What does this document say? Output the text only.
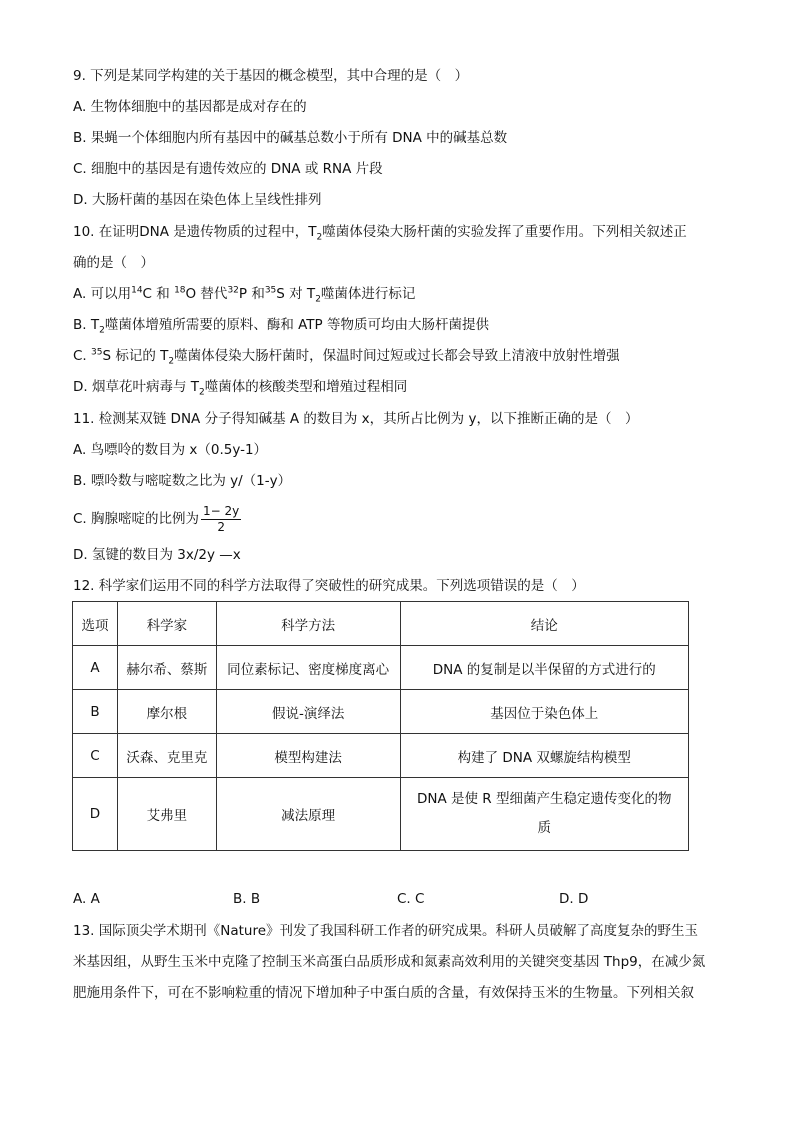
9. 下列是某同学构建的关于基因的概念模型，其中合理的是（　）
A. 生物体细胞中的基因都是成对存在的
B. 果蝇一个体细胞内所有基因中的碱基总数小于所有 DNA 中的碱基总数
C. 细胞中的基因是有遗传效应的 DNA 或 RNA 片段
D. 大肠杆菌的基因在染色体上呈线性排列
10. 在证明DNA 是遗传物质的过程中，$T_2$噬菌体侵染大肠杆菌的实验发挥了重要作用。下列相关叙述正
确的是（　）
A. 可以用$^{14}$C 和 $^{18}$O 替代$^{32}$P 和$^{35}$S 对 $T_2$噬菌体进行标记
B. $T_2$噬菌体增殖所需要的原料、酶和 ATP 等物质可均由大肠杆菌提供
C. $^{35}$S 标记的 $T_2$噬菌体侵染大肠杆菌时，保温时间过短或过长都会导致上清液中放射性增强
D. 烟草花叶病毒与 $T_2$噬菌体的核酸类型和增殖过程相同
11. 检测某双链 DNA 分子得知碱基 A 的数目为 x，其所占比例为 y，以下推断正确的是（　）
A. 鸟嘌呤的数目为 x（0.5y-1）
B. 嘌呤数与嘧啶数之比为 y/（1-y）
C. 胸腺嘧啶的比例为 $\frac{1- 2y}{2}$
D. 氢键的数目为 3x/2y —x
12. 科学家们运用不同的科学方法取得了突破性的研究成果。下列选项错误的是（　）
选项	科学家	科学方法	结论
A	赫尔希、蔡斯	同位素标记、密度梯度离心	DNA 的复制是以半保留的方式进行的
B	摩尔根	假说-演绎法	基因位于染色体上
C	沃森、克里克	模型构建法	构建了 DNA 双螺旋结构模型
D	艾弗里	减法原理	DNA 是使 R 型细菌产生稳定遗传变化的物
质
A. A	B. B	C. C	D. D
13. 国际顶尖学术期刊《Nature》刊发了我国科研工作者的研究成果。科研人员破解了高度复杂的野生玉
米基因组，从野生玉米中克隆了控制玉米高蛋白品质形成和氮素高效利用的关键突变基因 Thp9，在减少氮
肥施用条件下，可在不影响粒重的情况下增加种子中蛋白质的含量，有效保持玉米的生物量。下列相关叙
